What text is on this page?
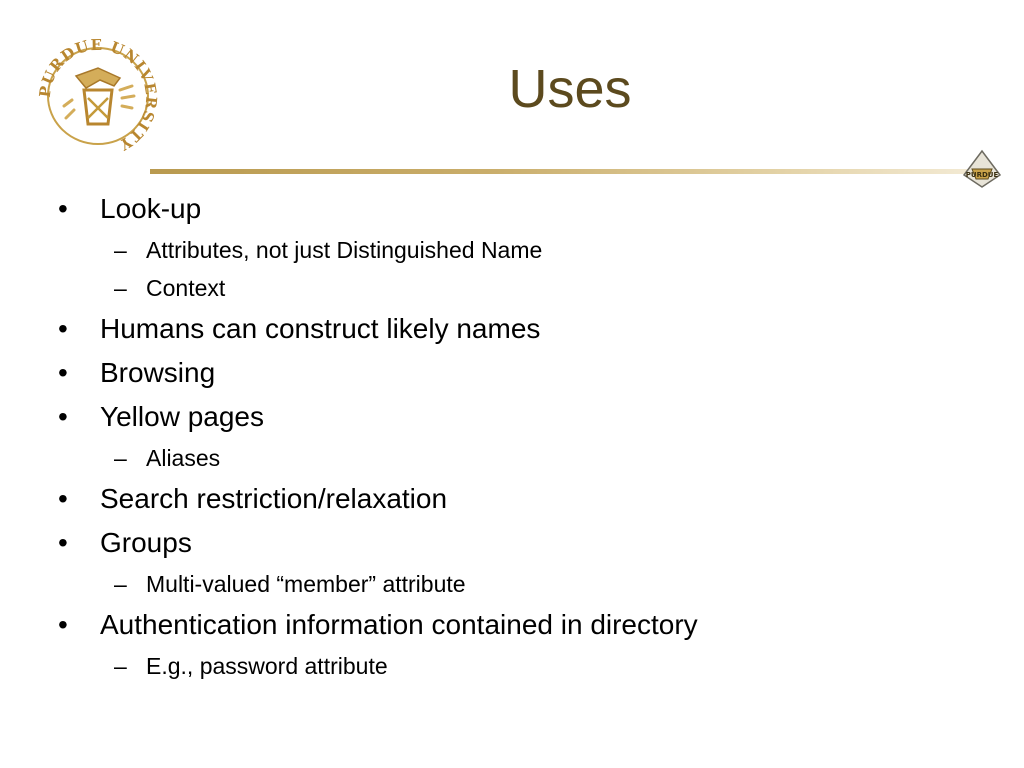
PURDUE UNIVERSITY
Uses
PURDUE
• Look-up
– Attributes, not just Distinguished Name
– Context
• Humans can construct likely names
• Browsing
• Yellow pages
– Aliases
• Search restriction/relaxation
• Groups
– Multi-valued “member” attribute
• Authentication information contained in directory
– E.g., password attribute
